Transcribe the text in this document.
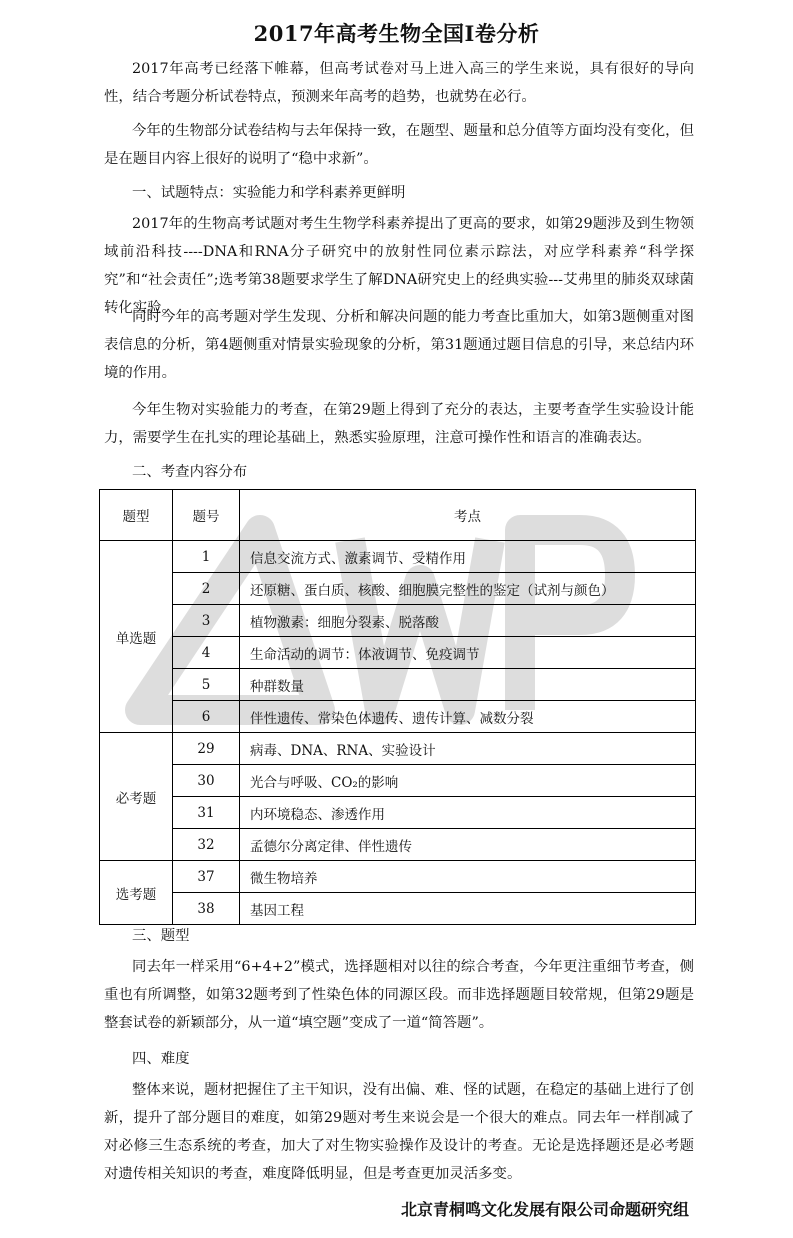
2017年高考生物全国Ⅰ卷分析

2017年高考已经落下帷幕，但高考试卷对马上进入高三的学生来说，具有很好的导向性，结合考题分析试卷特点，预测来年高考的趋势，也就势在必行。

今年的生物部分试卷结构与去年保持一致，在题型、题量和总分值等方面均没有变化，但是在题目内容上很好的说明了“稳中求新”。

一、试题特点：实验能力和学科素养更鲜明

2017年的生物高考试题对考生生物学科素养提出了更高的要求，如第29题涉及到生物领域前沿科技----DNA和RNA分子研究中的放射性同位素示踪法，对应学科素养“科学探究”和“社会责任”;选考第38题要求学生了解DNA研究史上的经典实验---艾弗里的肺炎双球菌转化实验。

同时今年的高考题对学生发现、分析和解决问题的能力考查比重加大，如第3题侧重对图表信息的分析，第4题侧重对情景实验现象的分析，第31题通过题目信息的引导，来总结内环境的作用。

今年生物对实验能力的考查，在第29题上得到了充分的表达，主要考查学生实验设计能力，需要学生在扎实的理论基础上，熟悉实验原理，注意可操作性和语言的准确表达。

二、考查内容分布

题型	题号	考点
单选题	1	信息交流方式、激素调节、受精作用
	2	还原糖、蛋白质、核酸、细胞膜完整性的鉴定（试剂与颜色）
	3	植物激素：细胞分裂素、脱落酸
	4	生命活动的调节：体液调节、免疫调节
	5	种群数量
	6	伴性遗传、常染色体遗传、遗传计算、减数分裂
必考题	29	病毒、DNA、RNA、实验设计
	30	光合与呼吸、CO₂的影响
	31	内环境稳态、渗透作用
	32	孟德尔分离定律、伴性遗传
选考题	37	微生物培养
	38	基因工程

三、题型

同去年一样采用“6+4+2”模式，选择题相对以往的综合考查，今年更注重细节考查，侧重也有所调整，如第32题考到了性染色体的同源区段。而非选择题题目较常规，但第29题是整套试卷的新颖部分，从一道“填空题”变成了一道“简答题”。

四、难度

整体来说，题材把握住了主干知识，没有出偏、难、怪的试题，在稳定的基础上进行了创新，提升了部分题目的难度，如第29题对考生来说会是一个很大的难点。同去年一样削减了对必修三生态系统的考查，加大了对生物实验操作及设计的考查。无论是选择题还是必考题对遗传相关知识的考查，难度降低明显，但是考查更加灵活多变。

北京青桐鸣文化发展有限公司命题研究组
